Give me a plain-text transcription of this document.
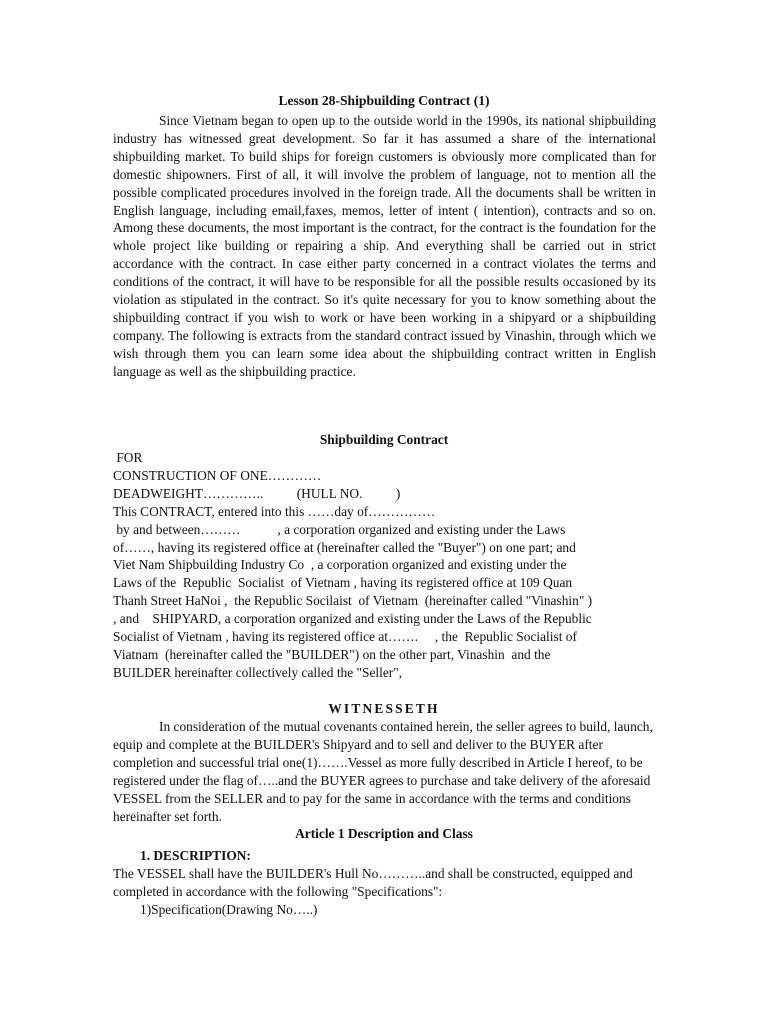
Lesson 28-Shipbuilding Contract (1)

Since Vietnam began to open up to the outside world in the 1990s, its national shipbuilding industry has witnessed great development. So far it has assumed a share of the international shipbuilding market. To build ships for foreign customers is obviously more complicated than for domestic shipowners. First of all, it will involve the problem of language, not to mention all the possible complicated procedures involved in the foreign trade. All the documents shall be written in English language, including email,faxes, memos, letter of intent ( intention), contracts and so on. Among these documents, the most important is the contract, for the contract is the foundation for the whole project like building or repairing a ship. And everything shall be carried out in strict accordance with the contract. In case either party concerned in a contract violates the terms and conditions of the contract, it will have to be responsible for all the possible results occasioned by its violation as stipulated in the contract. So it's quite necessary for you to know something about the shipbuilding contract if you wish to work or have been working in a shipyard or a shipbuilding company. The following is extracts from the standard contract issued by Vinashin, through which we wish through them you can learn some idea about the shipbuilding contract written in English language as well as the shipbuilding practice.

Shipbuilding Contract

FOR
CONSTRUCTION OF ONE…………
DEADWEIGHT…………..          (HULL NO.          )
This CONTRACT, entered into this ……day of……………
by and between………           , a corporation organized and existing under the Laws
of……, having its registered office at (hereinafter called the "Buyer") on one part; and
Viet Nam Shipbuilding Industry Co  , a corporation organized and existing under the
Laws of the  Republic  Socialist  of Vietnam , having its registered office at 109 Quan
Thanh Street HaNoi ,  the Republic Socilaist  of Vietnam  (hereinafter called "Vinashin" )
, and    SHIPYARD, a corporation organized and existing under the Laws of the Republic
Socialist of Vietnam , having its registered office at…….     , the  Republic Socialist of
Viatnam  (hereinafter called the "BUILDER") on the other part, Vinashin  and the
BUILDER hereinafter collectively called the "Seller",

WITNESSETH

In consideration of the mutual covenants contained herein, the seller agrees to build, launch, equip and complete at the BUILDER's Shipyard and to sell and deliver to the BUYER after completion and successful trial one(1)…….Vessel as more fully described in Article I hereof, to be registered under the flag of…..and the BUYER agrees to purchase and take delivery of the aforesaid VESSEL from the SELLER and to pay for the same in accordance with the terms and conditions hereinafter set forth.

Article 1 Description and Class

1. DESCRIPTION:
The VESSEL shall have the BUILDER's Hull No………..and shall be constructed, equipped and completed in accordance with the following "Specifications":
1)Specification(Drawing No…..)
